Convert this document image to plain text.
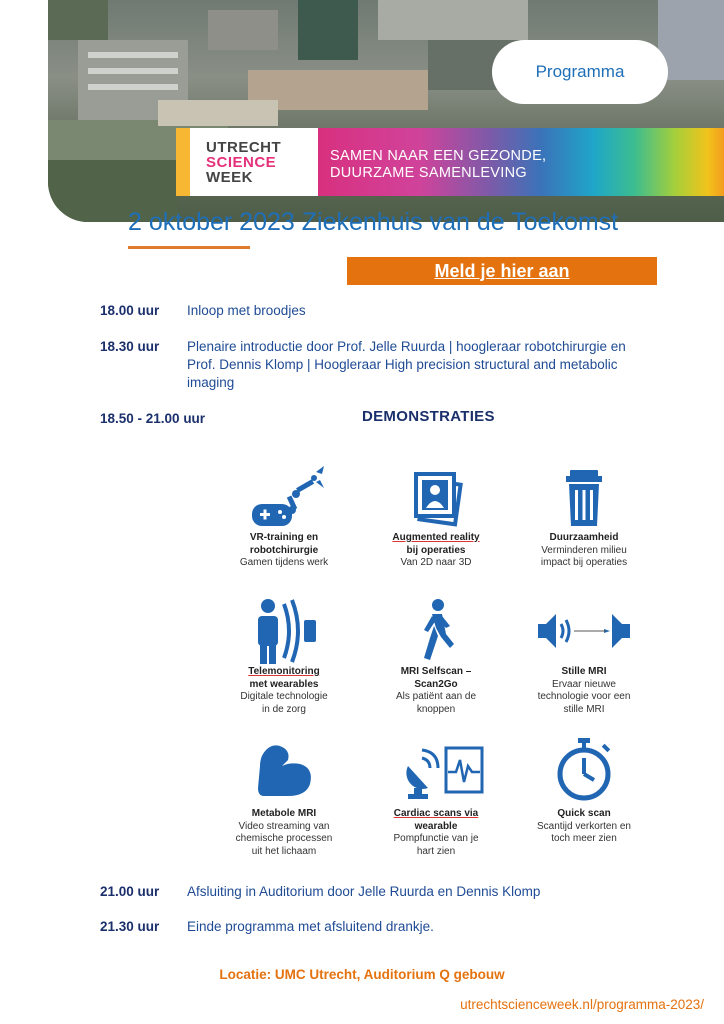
Programma
UTRECHT
SCIENCE
WEEK
SAMEN NAAR EEN GEZONDE,
DUURZAME SAMENLEVING
2 oktober 2023 Ziekenhuis van de Toekomst
Meld je hier aan
18.00 uur	Inloop met broodjes
18.30 uur	Plenaire introductie door Prof. Jelle Ruurda | hoogleraar robotchirurgie en Prof. Dennis Klomp | Hoogleraar High precision structural and metabolic imaging
18.50 - 21.00 uur	DEMONSTRATIES
VR-training en
robotchirurgie
Gamen tijdens werk
Augmented reality
bij operaties
Van 2D naar 3D
Duurzaamheid
Verminderen milieu
impact bij operaties
Telemonitoring
met wearables
Digitale technologie
in de zorg
MRI Selfscan –
Scan2Go
Als patiënt aan de
knoppen
Stille MRI
Ervaar nieuwe
technologie voor een
stille MRI
Metabole MRI
Video streaming van
chemische processen
uit het lichaam
Cardiac scans via
wearable
Pompfunctie van je
hart zien
Quick scan
Scantijd verkorten en
toch meer zien
21.00 uur	Afsluiting in Auditorium door Jelle Ruurda en Dennis Klomp
21.30 uur	Einde programma met afsluitend drankje.
Locatie: UMC Utrecht, Auditorium Q gebouw
utrechtscienceweek.nl/programma-2023/
